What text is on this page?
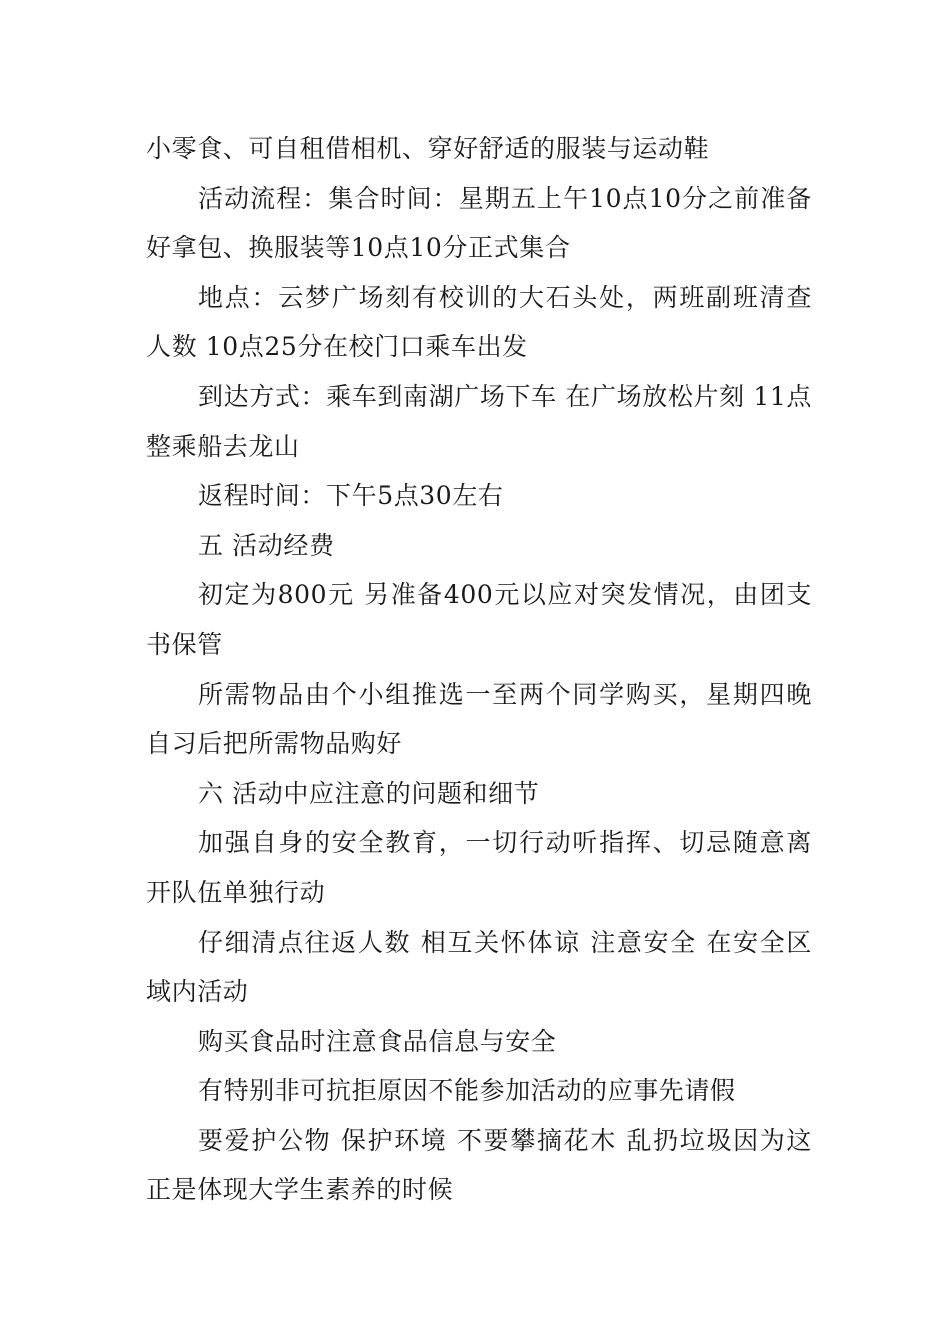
小零食、可自租借相机、穿好舒适的服装与运动鞋

活动流程：集合时间：星期五上午10点10分之前准备好拿包、换服装等10点10分正式集合

地点：云梦广场刻有校训的大石头处，两班副班清查人数 10点25分在校门口乘车出发

到达方式：乘车到南湖广场下车 在广场放松片刻 11点整乘船去龙山

返程时间：下午5点30左右

五 活动经费

初定为800元 另准备400元以应对突发情况，由团支书保管

所需物品由个小组推选一至两个同学购买，星期四晚自习后把所需物品购好

六 活动中应注意的问题和细节

加强自身的安全教育，一切行动听指挥、切忌随意离开队伍单独行动

仔细清点往返人数 相互关怀体谅 注意安全 在安全区域内活动

购买食品时注意食品信息与安全

有特别非可抗拒原因不能参加活动的应事先请假

要爱护公物 保护环境 不要攀摘花木 乱扔垃圾因为这正是体现大学生素养的时候
